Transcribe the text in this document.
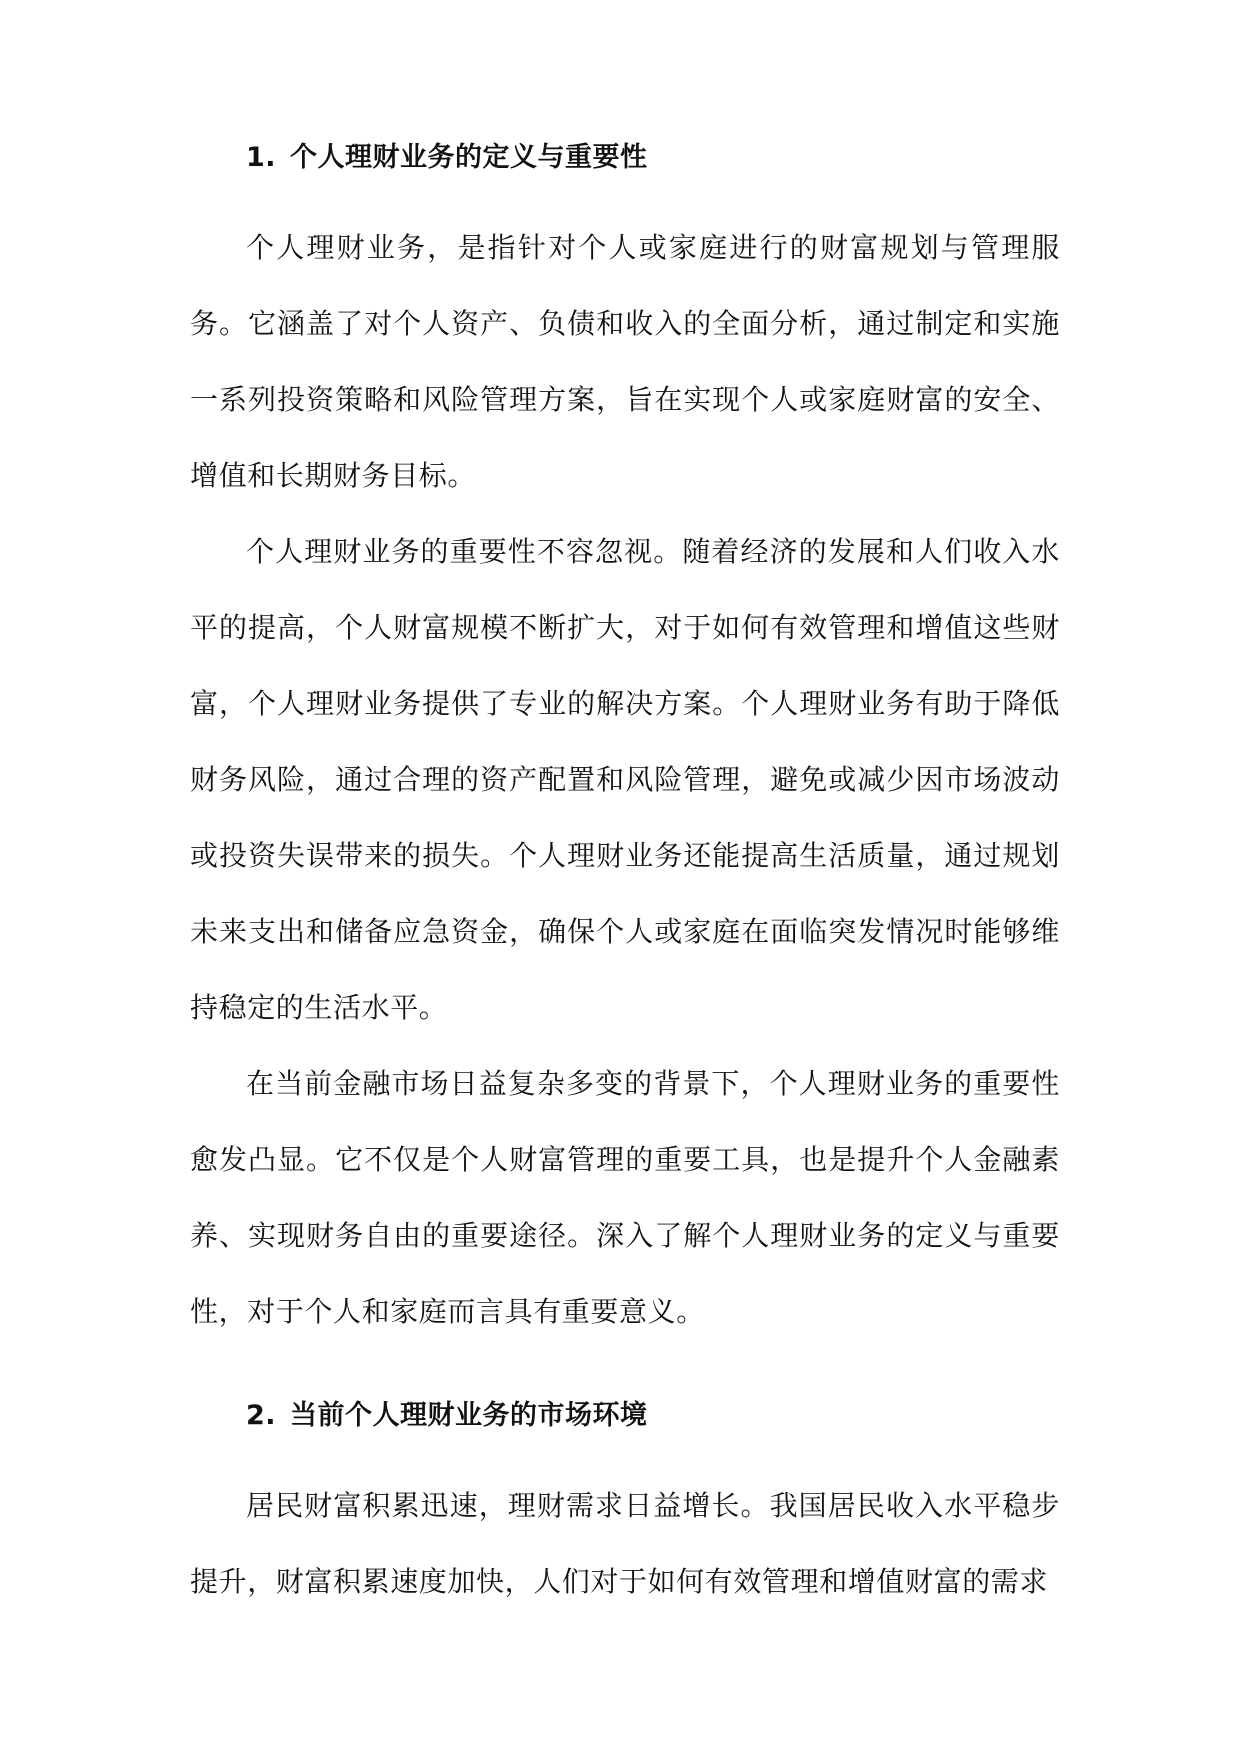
1. 个人理财业务的定义与重要性

个人理财业务，是指针对个人或家庭进行的财富规划与管理服务。它涵盖了对个人资产、负债和收入的全面分析，通过制定和实施一系列投资策略和风险管理方案，旨在实现个人或家庭财富的安全、增值和长期财务目标。

个人理财业务的重要性不容忽视。随着经济的发展和人们收入水平的提高，个人财富规模不断扩大，对于如何有效管理和增值这些财富，个人理财业务提供了专业的解决方案。个人理财业务有助于降低财务风险，通过合理的资产配置和风险管理，避免或减少因市场波动或投资失误带来的损失。个人理财业务还能提高生活质量，通过规划未来支出和储备应急资金，确保个人或家庭在面临突发情况时能够维持稳定的生活水平。

在当前金融市场日益复杂多变的背景下，个人理财业务的重要性愈发凸显。它不仅是个人财富管理的重要工具，也是提升个人金融素养、实现财务自由的重要途径。深入了解个人理财业务的定义与重要性，对于个人和家庭而言具有重要意义。

2. 当前个人理财业务的市场环境

居民财富积累迅速，理财需求日益增长。我国居民收入水平稳步提升，财富积累速度加快，人们对于如何有效管理和增值财富的需求
